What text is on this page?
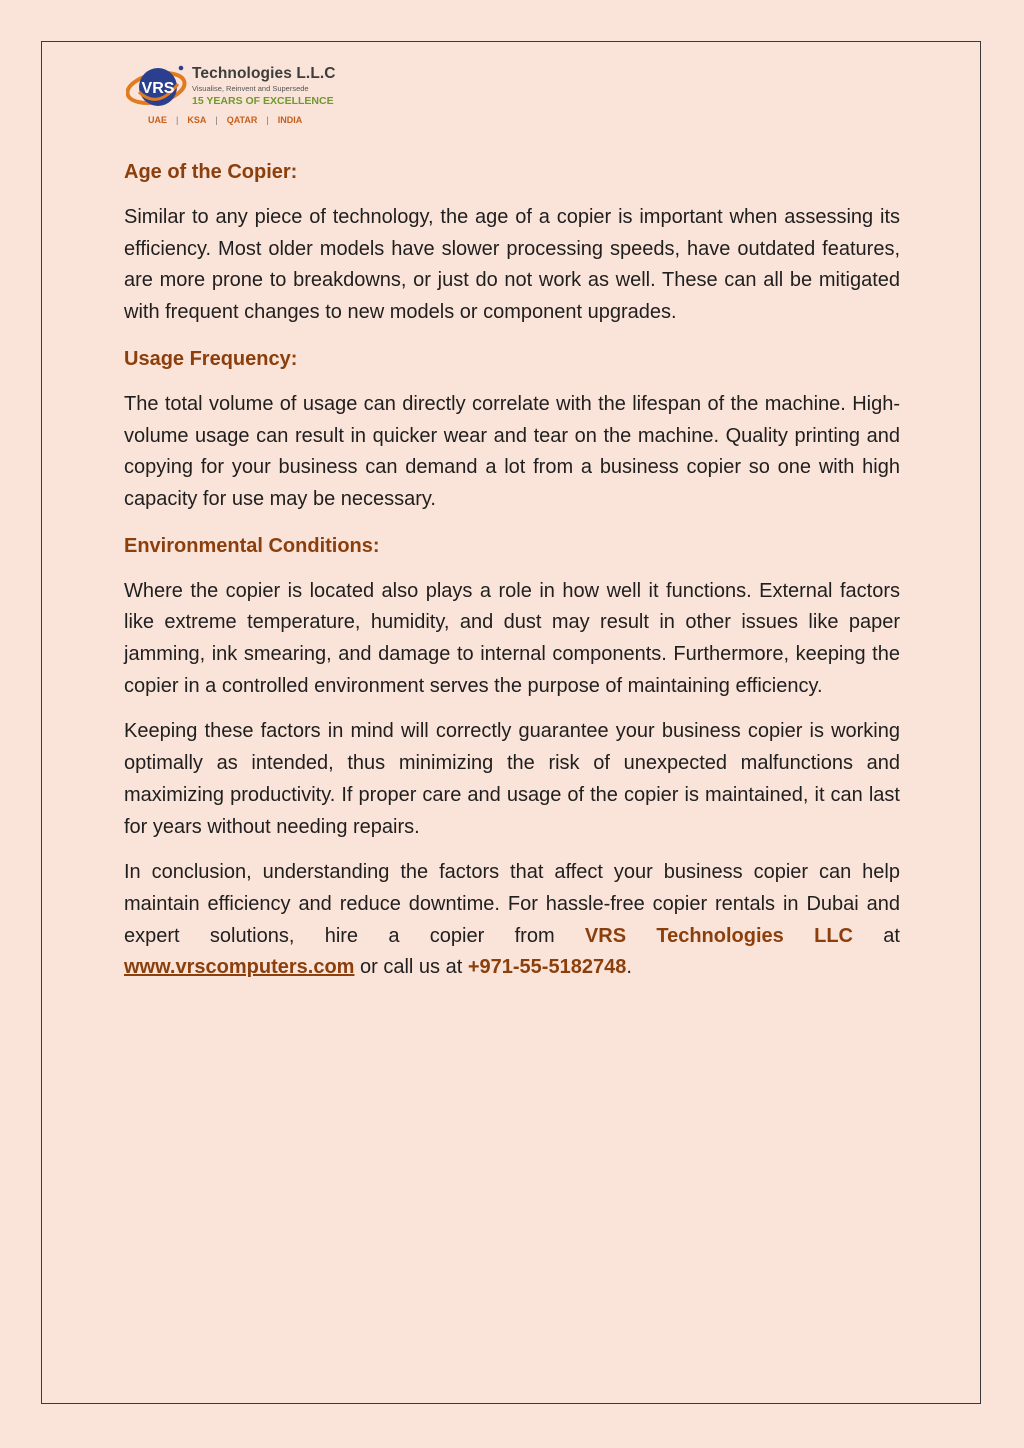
VRS
Technologies L.L.C
Visualise, Reinvent and Supersede
15 YEARS OF EXCELLENCE
UAE | KSA | QATAR | INDIA
Age of the Copier:

Similar to any piece of technology, the age of a copier is important when assessing its efficiency. Most older models have slower processing speeds, have outdated features, are more prone to breakdowns, or just do not work as well. These can all be mitigated with frequent changes to new models or component upgrades.

Usage Frequency:

The total volume of usage can directly correlate with the lifespan of the machine. High-volume usage can result in quicker wear and tear on the machine. Quality printing and copying for your business can demand a lot from a business copier so one with high capacity for use may be necessary.

Environmental Conditions:

Where the copier is located also plays a role in how well it functions. External factors like extreme temperature, humidity, and dust may result in other issues like paper jamming, ink smearing, and damage to internal components. Furthermore, keeping the copier in a controlled environment serves the purpose of maintaining efficiency.

Keeping these factors in mind will correctly guarantee your business copier is working optimally as intended, thus minimizing the risk of unexpected malfunctions and maximizing productivity. If proper care and usage of the copier is maintained, it can last for years without needing repairs.

In conclusion, understanding the factors that affect your business copier can help maintain efficiency and reduce downtime. For hassle-free copier rentals in Dubai and expert solutions, hire a copier from VRS Technologies LLC at www.vrscomputers.com or call us at +971-55-5182748.
